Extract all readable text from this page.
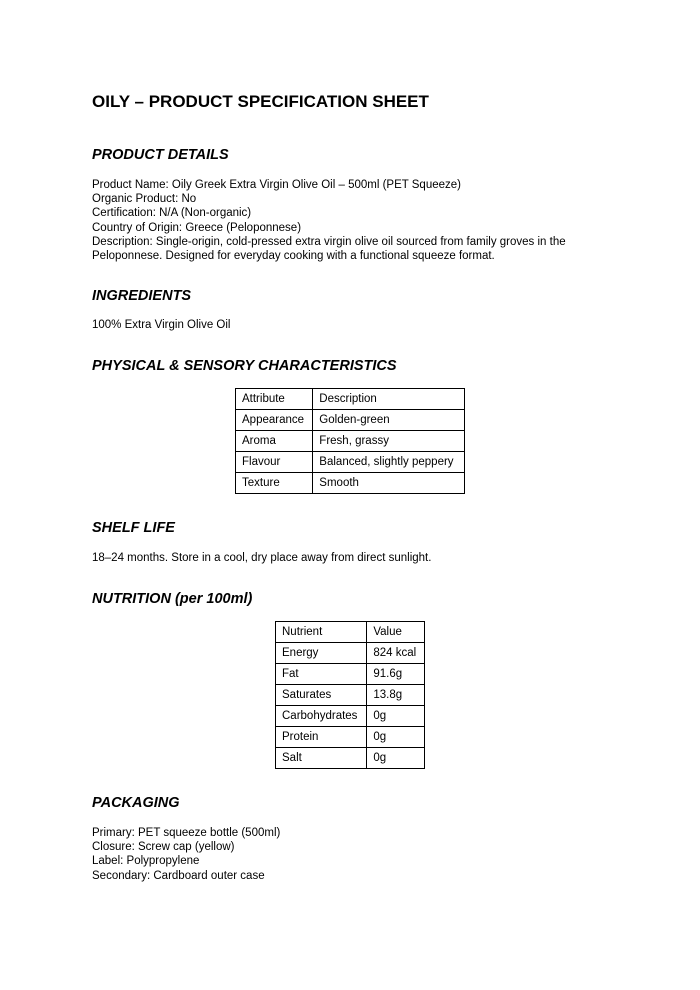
OILY – PRODUCT SPECIFICATION SHEET
PRODUCT DETAILS
Product Name: Oily Greek Extra Virgin Olive Oil – 500ml (PET Squeeze)
Organic Product: No
Certification: N/A (Non-organic)
Country of Origin: Greece (Peloponnese)
Description: Single-origin, cold-pressed extra virgin olive oil sourced from family groves in the
Peloponnese. Designed for everyday cooking with a functional squeeze format.
INGREDIENTS
100% Extra Virgin Olive Oil
PHYSICAL & SENSORY CHARACTERISTICS
Attribute	Description
Appearance	Golden-green
Aroma	Fresh, grassy
Flavour	Balanced, slightly peppery
Texture	Smooth
SHELF LIFE
18–24 months. Store in a cool, dry place away from direct sunlight.
NUTRITION (per 100ml)
Nutrient	Value
Energy	824 kcal
Fat	91.6g
Saturates	13.8g
Carbohydrates	0g
Protein	0g
Salt	0g
PACKAGING
Primary: PET squeeze bottle (500ml)
Closure: Screw cap (yellow)
Label: Polypropylene
Secondary: Cardboard outer case
